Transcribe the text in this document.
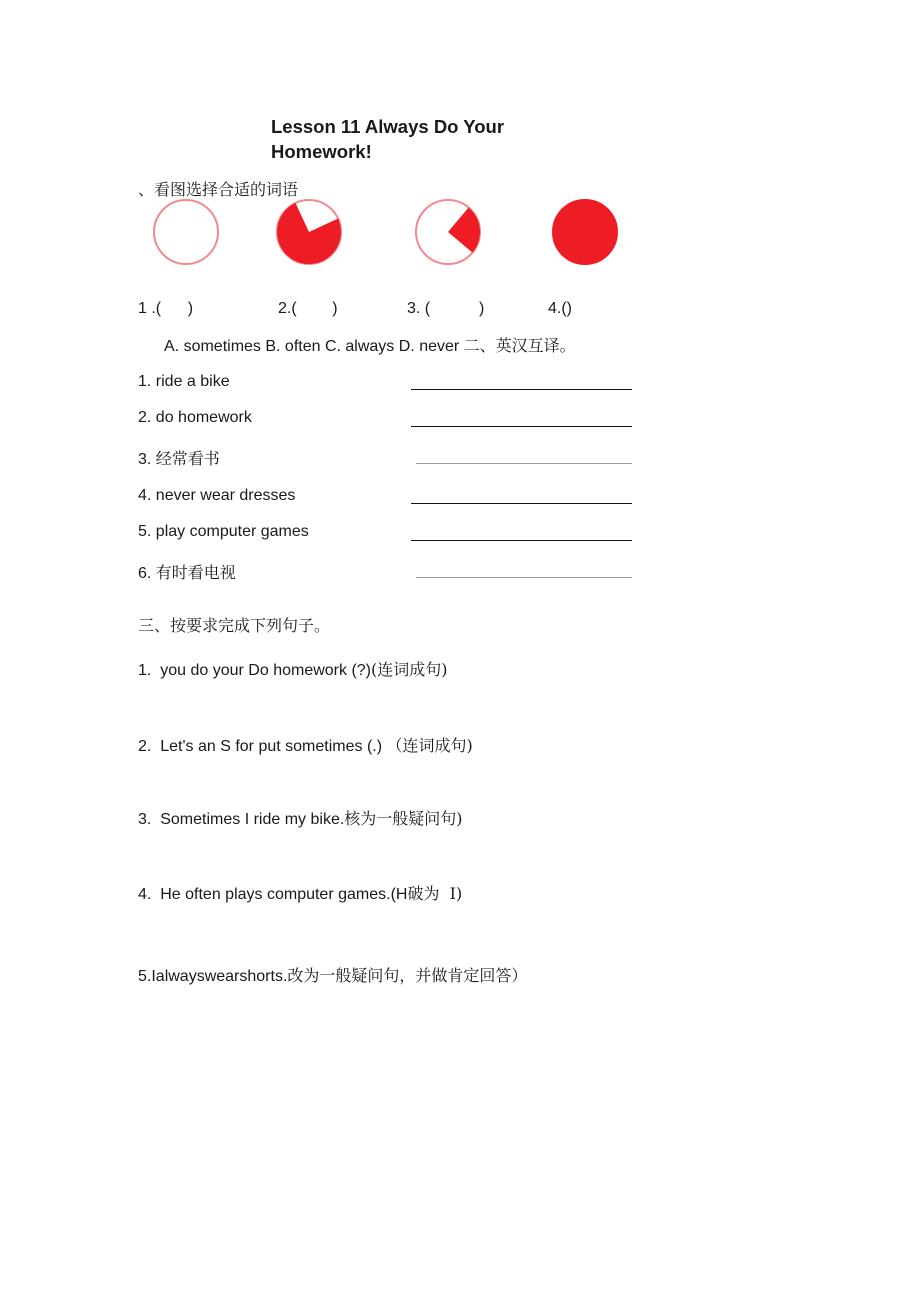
Lesson 11 Always Do Your
Homework!
、看图选择合适的词语
1 .(      )	2.(        )	3. (           )	4.()
A. sometimes B. often C. always D. never 二、英汉互译。
1. ride a bike
2. do homework
3. 经常看书
4. never wear dresses
5. play computer games
6. 有时看电视
三、按要求完成下列句子。
1.  you do your Do homework (?)(连词成句)
2.  Let's an S for put sometimes (.) （连词成句)
3.  Sometimes I ride my bike.核为一般疑问句)
4.  He often plays computer games.(H破为  I)
5.Ialwayswearshorts.改为一般疑问句，并做肯定回答）
